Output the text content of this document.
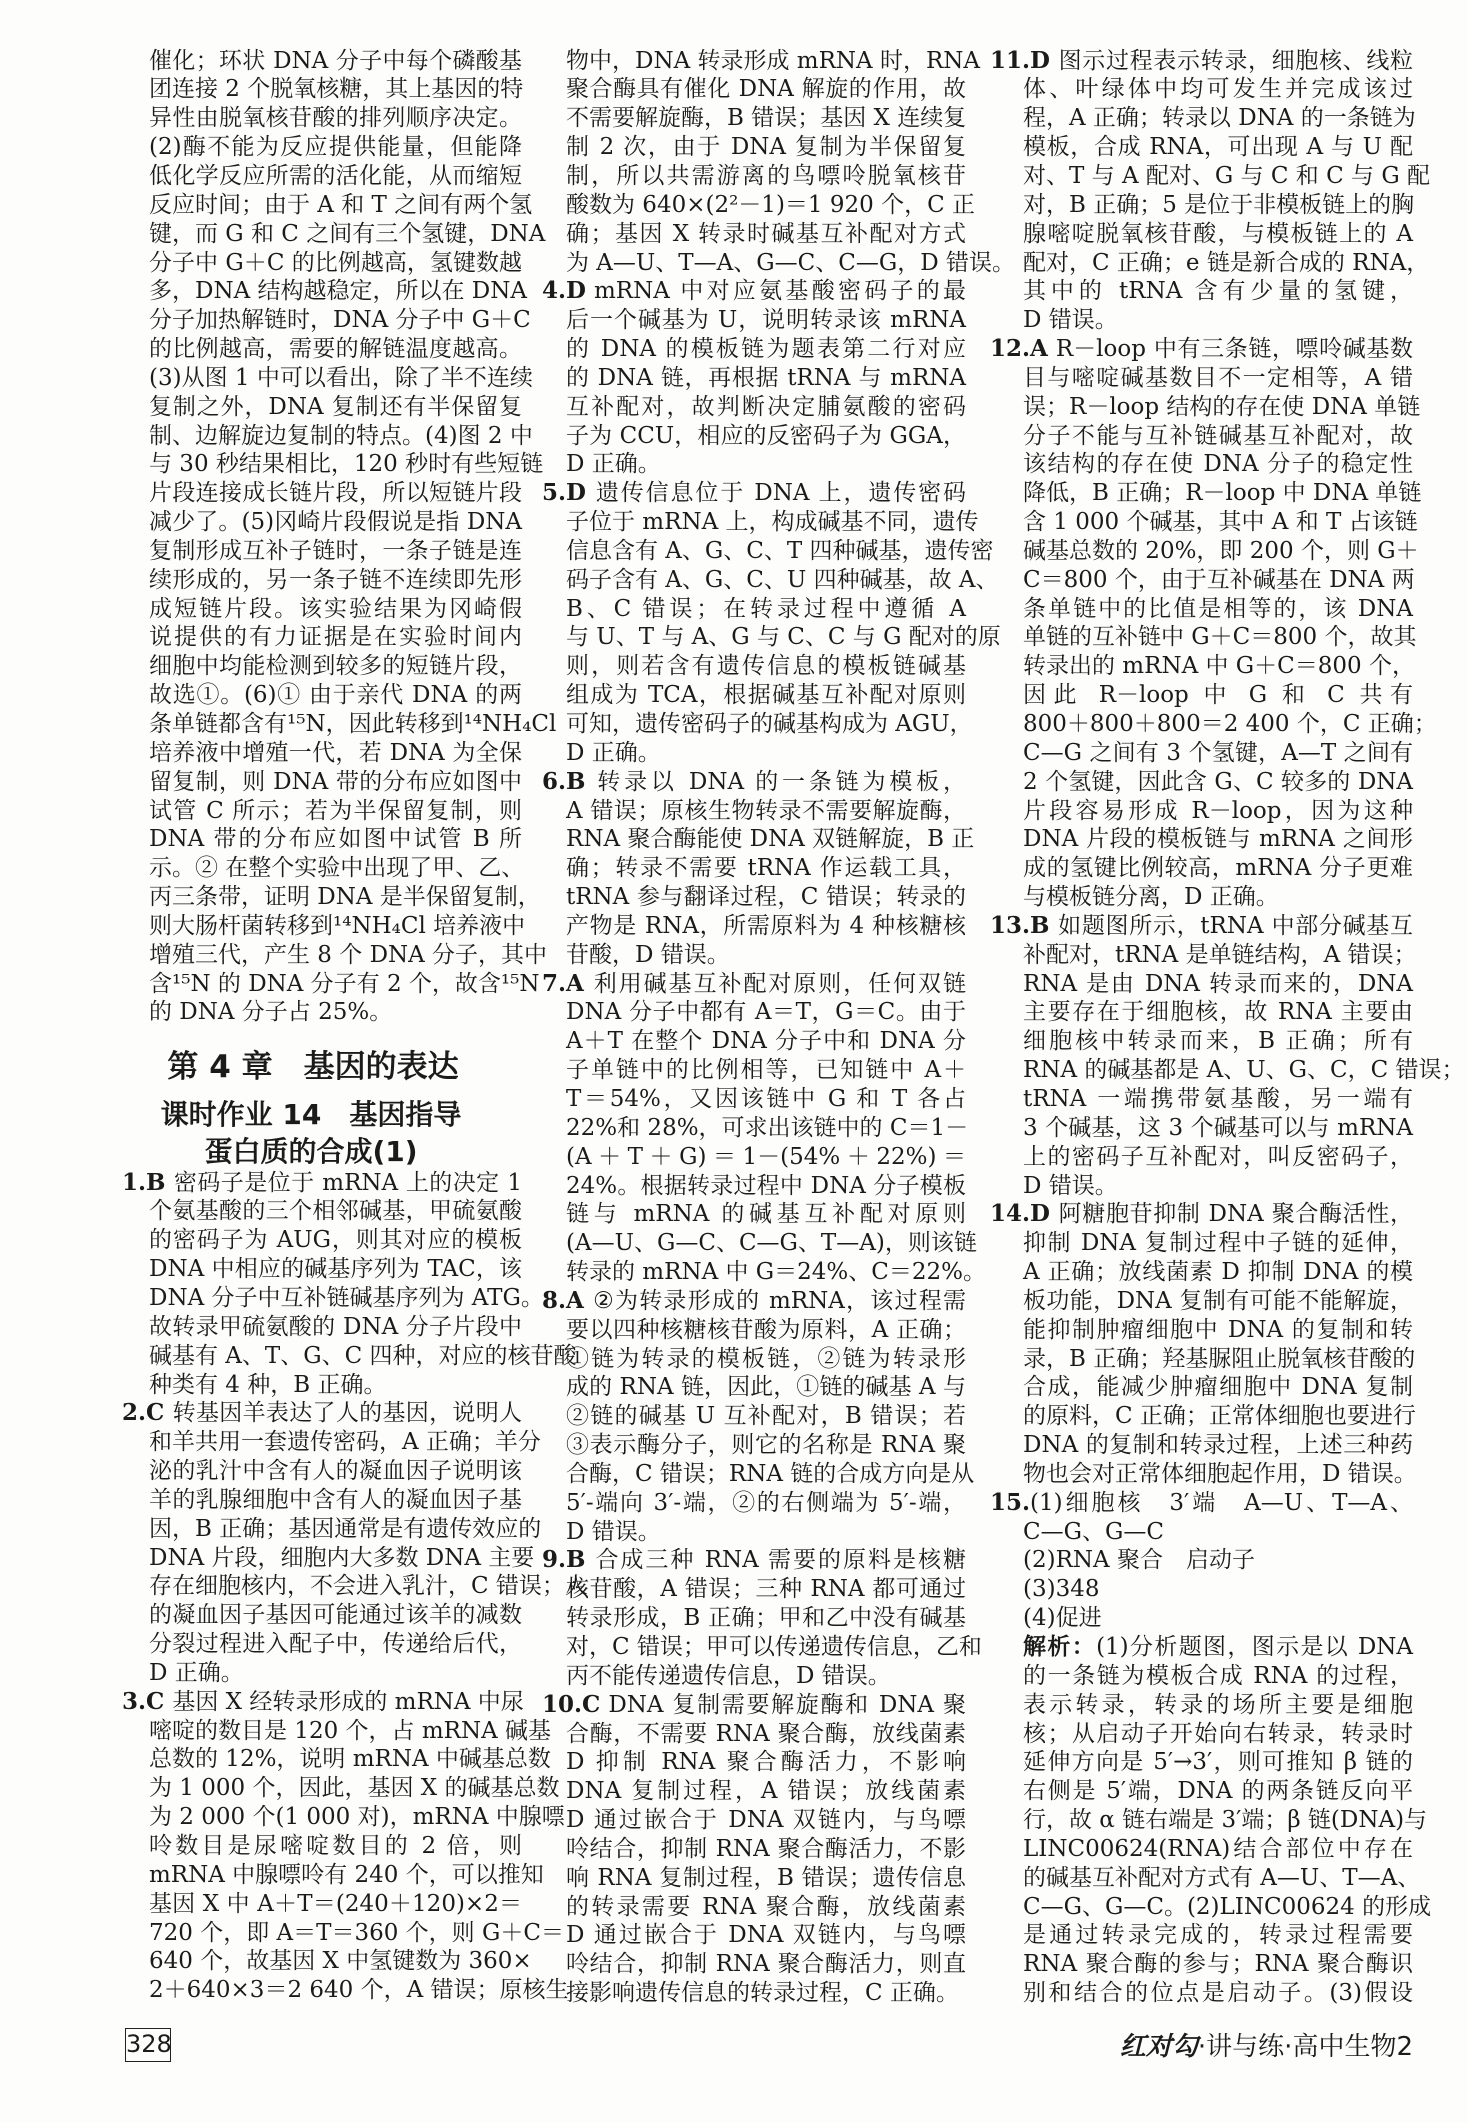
催化；环状 DNA 分子中每个磷酸基
团连接 2 个脱氧核糖，其上基因的特
异性由脱氧核苷酸的排列顺序决定。
(2)酶不能为反应提供能量，但能降
低化学反应所需的活化能，从而缩短
反应时间；由于 A 和 T 之间有两个氢
键，而 G 和 C 之间有三个氢键，DNA
分子中 G＋C 的比例越高，氢键数越
多，DNA 结构越稳定，所以在 DNA
分子加热解链时，DNA 分子中 G＋C
的比例越高，需要的解链温度越高。
(3)从图 1 中可以看出，除了半不连续
复制之外，DNA 复制还有半保留复
制、边解旋边复制的特点。(4)图 2 中
与 30 秒结果相比，120 秒时有些短链
片段连接成长链片段，所以短链片段
减少了。(5)冈崎片段假说是指 DNA
复制形成互补子链时，一条子链是连
续形成的，另一条子链不连续即先形
成短链片段。该实验结果为冈崎假
说提供的有力证据是在实验时间内
细胞中均能检测到较多的短链片段，
故选①。(6)① 由于亲代 DNA 的两
条单链都含有¹⁵N，因此转移到¹⁴NH₄Cl
培养液中增殖一代，若 DNA 为全保
留复制，则 DNA 带的分布应如图中
试管 C 所示；若为半保留复制，则
DNA 带的分布应如图中试管 B 所
示。② 在整个实验中出现了甲、乙、
丙三条带，证明 DNA 是半保留复制，
则大肠杆菌转移到¹⁴NH₄Cl 培养液中
增殖三代，产生 8 个 DNA 分子，其中
含¹⁵N 的 DNA 分子有 2 个，故含¹⁵N
的 DNA 分子占 25%。
第 4 章　基因的表达
课时作业 14　基因指导
蛋白质的合成(1)
1.B 密码子是位于 mRNA 上的决定 1
个氨基酸的三个相邻碱基，甲硫氨酸
的密码子为 AUG，则其对应的模板
DNA 中相应的碱基序列为 TAC，该
DNA 分子中互补链碱基序列为 ATG。
故转录甲硫氨酸的 DNA 分子片段中
碱基有 A、T、G、C 四种，对应的核苷酸
种类有 4 种，B 正确。
2.C 转基因羊表达了人的基因，说明人
和羊共用一套遗传密码，A 正确；羊分
泌的乳汁中含有人的凝血因子说明该
羊的乳腺细胞中含有人的凝血因子基
因，B 正确；基因通常是有遗传效应的
DNA 片段，细胞内大多数 DNA 主要
存在细胞核内，不会进入乳汁，C 错误；人
的凝血因子基因可能通过该羊的减数
分裂过程进入配子中，传递给后代，
D 正确。
3.C 基因 X 经转录形成的 mRNA 中尿
嘧啶的数目是 120 个，占 mRNA 碱基
总数的 12%，说明 mRNA 中碱基总数
为 1 000 个，因此，基因 X 的碱基总数
为 2 000 个(1 000 对)，mRNA 中腺嘌
呤数目是尿嘧啶数目的 2 倍，则
mRNA 中腺嘌呤有 240 个，可以推知
基因 X 中 A＋T＝(240＋120)×2＝
720 个，即 A＝T＝360 个，则 G＋C＝
640 个，故基因 X 中氢键数为 360×
2＋640×3＝2 640 个，A 错误；原核生
物中，DNA 转录形成 mRNA 时，RNA
聚合酶具有催化 DNA 解旋的作用，故
不需要解旋酶，B 错误；基因 X 连续复
制 2 次，由于 DNA 复制为半保留复
制，所以共需游离的鸟嘌呤脱氧核苷
酸数为 640×(2²－1)＝1 920 个，C 正
确；基因 X 转录时碱基互补配对方式
为 A—U、T—A、G—C、C—G，D 错误。
4.D mRNA 中对应氨基酸密码子的最
后一个碱基为 U，说明转录该 mRNA
的 DNA 的模板链为题表第二行对应
的 DNA 链，再根据 tRNA 与 mRNA
互补配对，故判断决定脯氨酸的密码
子为 CCU，相应的反密码子为 GGA，
D 正确。
5.D 遗传信息位于 DNA 上，遗传密码
子位于 mRNA 上，构成碱基不同，遗传
信息含有 A、G、C、T 四种碱基，遗传密
码子含有 A、G、C、U 四种碱基，故 A、
B、C 错误；在转录过程中遵循 A
与 U、T 与 A、G 与 C、C 与 G 配对的原
则，则若含有遗传信息的模板链碱基
组成为 TCA，根据碱基互补配对原则
可知，遗传密码子的碱基构成为 AGU，
D 正确。
6.B 转录以 DNA 的一条链为模板，
A 错误；原核生物转录不需要解旋酶，
RNA 聚合酶能使 DNA 双链解旋，B 正
确；转录不需要 tRNA 作运载工具，
tRNA 参与翻译过程，C 错误；转录的
产物是 RNA，所需原料为 4 种核糖核
苷酸，D 错误。
7.A 利用碱基互补配对原则，任何双链
DNA 分子中都有 A＝T，G＝C。由于
A＋T 在整个 DNA 分子中和 DNA 分
子单链中的比例相等，已知链中 A＋
T＝54%，又因该链中 G 和 T 各占
22%和 28%，可求出该链中的 C＝1－
(A＋T＋G)＝1－(54%＋22%)＝
24%。根据转录过程中 DNA 分子模板
链与 mRNA 的碱基互补配对原则
(A—U、G—C、C—G、T—A)，则该链
转录的 mRNA 中 G＝24%、C＝22%。
8.A ②为转录形成的 mRNA，该过程需
要以四种核糖核苷酸为原料，A 正确；
①链为转录的模板链，②链为转录形
成的 RNA 链，因此，①链的碱基 A 与
②链的碱基 U 互补配对，B 错误；若
③表示酶分子，则它的名称是 RNA 聚
合酶，C 错误；RNA 链的合成方向是从
5′-端向 3′-端，②的右侧端为 5′-端，
D 错误。
9.B 合成三种 RNA 需要的原料是核糖
核苷酸，A 错误；三种 RNA 都可通过
转录形成，B 正确；甲和乙中没有碱基
对，C 错误；甲可以传递遗传信息，乙和
丙不能传递遗传信息，D 错误。
10.C DNA 复制需要解旋酶和 DNA 聚
合酶，不需要 RNA 聚合酶，放线菌素
D 抑制 RNA 聚合酶活力，不影响
DNA 复制过程，A 错误；放线菌素
D 通过嵌合于 DNA 双链内，与鸟嘌
呤结合，抑制 RNA 聚合酶活力，不影
响 RNA 复制过程，B 错误；遗传信息
的转录需要 RNA 聚合酶，放线菌素
D 通过嵌合于 DNA 双链内，与鸟嘌
呤结合，抑制 RNA 聚合酶活力，则直
接影响遗传信息的转录过程，C 正确。
11.D 图示过程表示转录，细胞核、线粒
体、叶绿体中均可发生并完成该过
程，A 正确；转录以 DNA 的一条链为
模板，合成 RNA，可出现 A 与 U 配
对、T 与 A 配对、G 与 C 和 C 与 G 配
对，B 正确；5 是位于非模板链上的胸
腺嘧啶脱氧核苷酸，与模板链上的 A
配对，C 正确；e 链是新合成的 RNA，
其中的 tRNA 含有少量的氢键，
D 错误。
12.A R－loop 中有三条链，嘌呤碱基数
目与嘧啶碱基数目不一定相等，A 错
误；R－loop 结构的存在使 DNA 单链
分子不能与互补链碱基互补配对，故
该结构的存在使 DNA 分子的稳定性
降低，B 正确；R－loop 中 DNA 单链
含 1 000 个碱基，其中 A 和 T 占该链
碱基总数的 20%，即 200 个，则 G＋
C＝800 个，由于互补碱基在 DNA 两
条单链中的比值是相等的，该 DNA
单链的互补链中 G＋C＝800 个，故其
转录出的 mRNA 中 G＋C＝800 个，
因此 R－loop 中 G 和 C 共有
800＋800＋800＝2 400 个，C 正确；
C—G 之间有 3 个氢键，A—T 之间有
2 个氢键，因此含 G、C 较多的 DNA
片段容易形成 R－loop，因为这种
DNA 片段的模板链与 mRNA 之间形
成的氢键比例较高，mRNA 分子更难
与模板链分离，D 正确。
13.B 如题图所示，tRNA 中部分碱基互
补配对，tRNA 是单链结构，A 错误；
RNA 是由 DNA 转录而来的，DNA
主要存在于细胞核，故 RNA 主要由
细胞核中转录而来，B 正确；所有
RNA 的碱基都是 A、U、G、C，C 错误；
tRNA 一端携带氨基酸，另一端有
3 个碱基，这 3 个碱基可以与 mRNA
上的密码子互补配对，叫反密码子，
D 错误。
14.D 阿糖胞苷抑制 DNA 聚合酶活性，
抑制 DNA 复制过程中子链的延伸，
A 正确；放线菌素 D 抑制 DNA 的模
板功能，DNA 复制有可能不能解旋，
能抑制肿瘤细胞中 DNA 的复制和转
录，B 正确；羟基脲阻止脱氧核苷酸的
合成，能减少肿瘤细胞中 DNA 复制
的原料，C 正确；正常体细胞也要进行
DNA 的复制和转录过程，上述三种药
物也会对正常体细胞起作用，D 错误。
15.(1)细胞核　3′端　A—U、T—A、
C—G、G—C
(2)RNA 聚合　启动子
(3)348
(4)促进
解析：(1)分析题图，图示是以 DNA
的一条链为模板合成 RNA 的过程，
表示转录，转录的场所主要是细胞
核；从启动子开始向右转录，转录时
延伸方向是 5′→3′，则可推知 β 链的
右侧是 5′端，DNA 的两条链反向平
行，故 α 链右端是 3′端；β 链(DNA)与
LINC00624(RNA)结合部位中存在
的碱基互补配对方式有 A—U、T—A、
C—G、G—C。(2)LINC00624 的形成
是通过转录完成的，转录过程需要
RNA 聚合酶的参与；RNA 聚合酶识
别和结合的位点是启动子。(3)假设
328	红对勾·讲与练·高中生物2
